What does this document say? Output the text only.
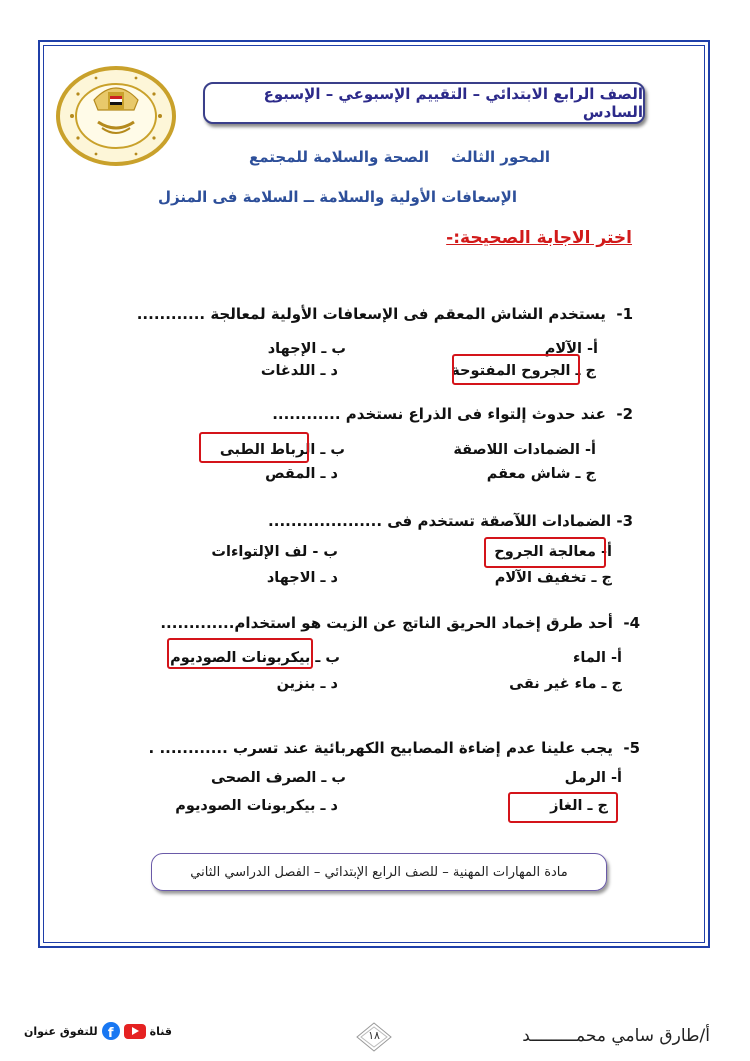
الصف الرابع الابتدائي – التقييم الإسبوعي – الإسبوع السادس
المحور الثالثالصحة والسلامة للمجتمع
الإسعافات الأولية والسلامة ــ السلامة فى المنزل
اختر الاجابة الصحيحة:-
1-  يستخدم الشاش المعقم فى الإسعافات الأولية لمعالجة ............
أ- الآلام
ب ـ الإجهاد
ج ـ الجروح المفتوحة
د ـ اللدغات
2-  عند حدوث إلتواء فى الذراع نستخدم ............
أ- الضمادات اللاصقة
ب ـ الرباط الطبى
ج ـ شاش معقم
د ـ المقص
3- الضمادات اللآصقة تستخدم فى ....................
أ- معالجة الجروح
ب - لف الإلتواءات
ج ـ تخفيف الآلام
د ـ الاجهاد
4-  أحد طرق إخماد الحريق الناتج عن الزيت هو استخدام.............
أ- الماء
ب ـ بيكربونات الصوديوم
ج ـ ماء غير نقى
د ـ بنزين
5-  يجب علينا عدم إضاءة المصابيح الكهربائية عند تسرب ............ .
أ- الرمل
ب ـ الصرف الصحى
ج ـ الغاز
د ـ بيكربونات الصوديوم
مادة المهارات المهنية – للصف الرابع الإبتدائي – الفصل الدراسي الثاني
قناة
f
للتفوق عنوان	١٨	أ/طارق سامي محمـــــــــد
